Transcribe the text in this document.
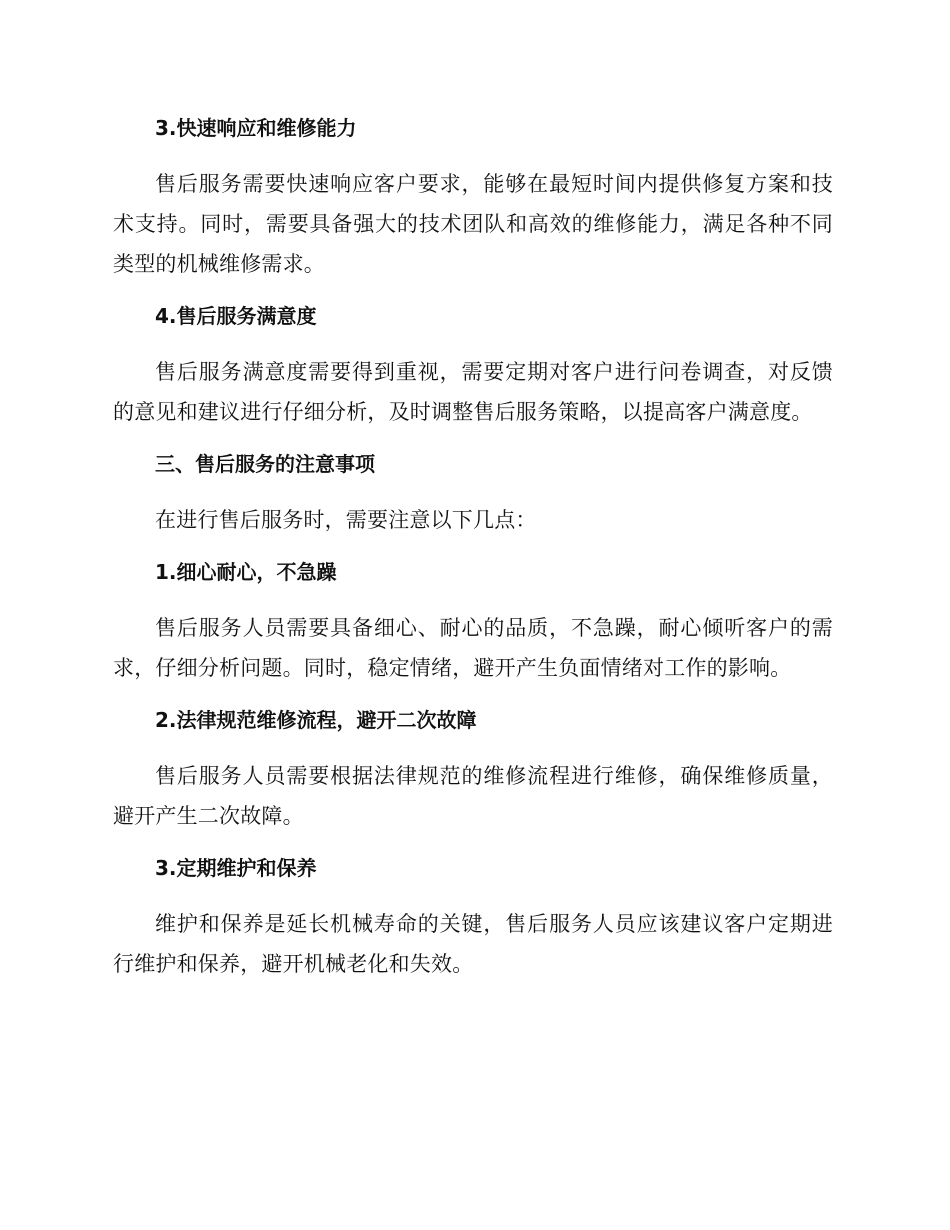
3.快速响应和维修能力

售后服务需要快速响应客户要求，能够在最短时间内提供修复方案和技术支持。同时，需要具备强大的技术团队和高效的维修能力，满足各种不同类型的机械维修需求。

4.售后服务满意度

售后服务满意度需要得到重视，需要定期对客户进行问卷调查，对反馈的意见和建议进行仔细分析，及时调整售后服务策略，以提高客户满意度。

三、售后服务的注意事项

在进行售后服务时，需要注意以下几点：

1.细心耐心，不急躁

售后服务人员需要具备细心、耐心的品质，不急躁，耐心倾听客户的需求，仔细分析问题。同时，稳定情绪，避开产生负面情绪对工作的影响。

2.法律规范维修流程，避开二次故障

售后服务人员需要根据法律规范的维修流程进行维修，确保维修质量，避开产生二次故障。

3.定期维护和保养

维护和保养是延长机械寿命的关键，售后服务人员应该建议客户定期进行维护和保养，避开机械老化和失效。
